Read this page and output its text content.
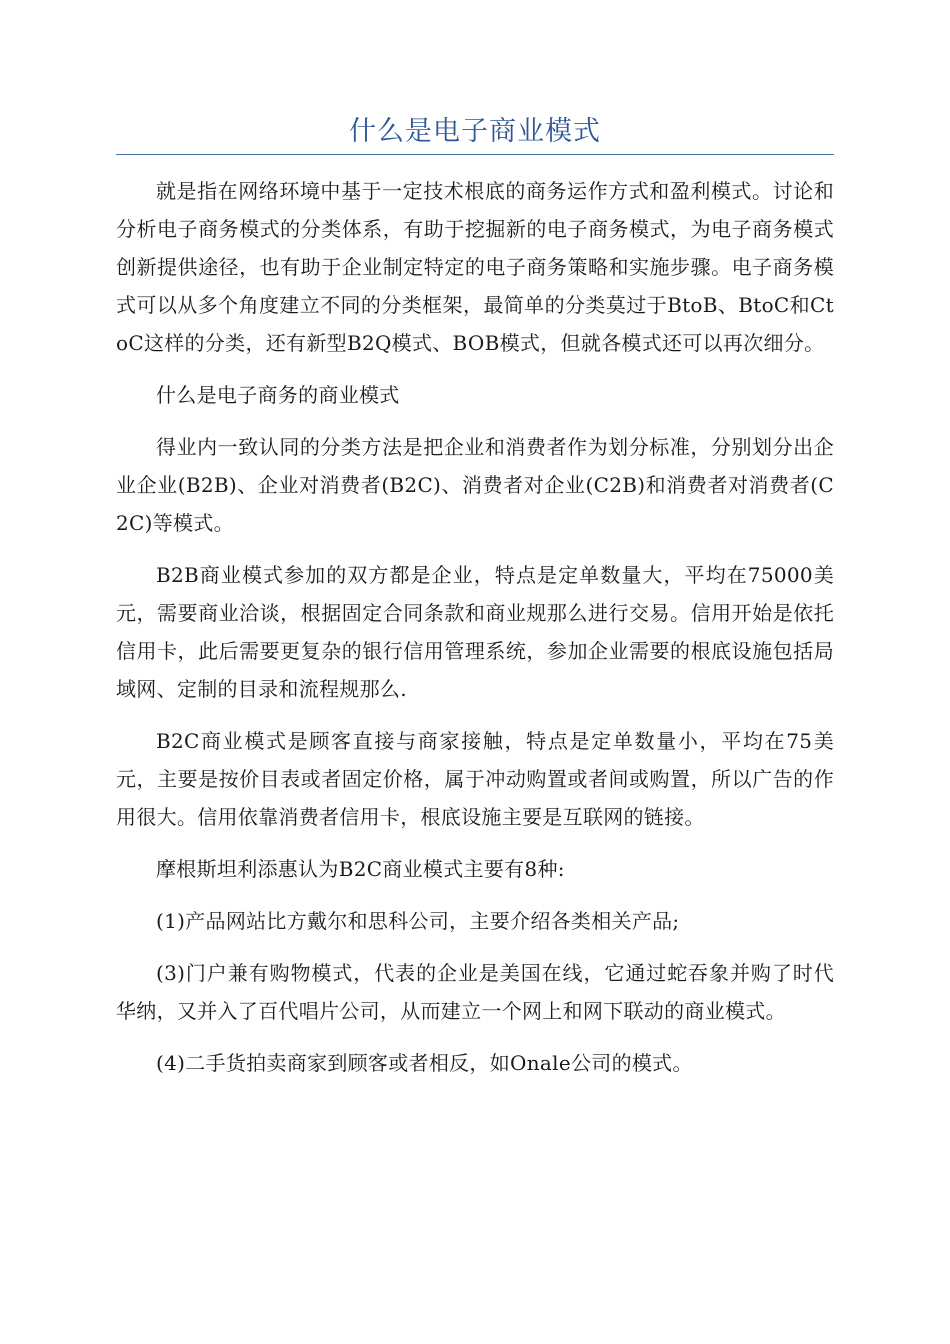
什么是电子商业模式

就是指在网络环境中基于一定技术根底的商务运作方式和盈利模式。讨论和分析电子商务模式的分类体系，有助于挖掘新的电子商务模式，为电子商务模式创新提供途径，也有助于企业制定特定的电子商务策略和实施步骤。电子商务模式可以从多个角度建立不同的分类框架，最简单的分类莫过于BtoB、BtoC和CtoC这样的分类，还有新型B2Q模式、BOB模式，但就各模式还可以再次细分。

什么是电子商务的商业模式

得业内一致认同的分类方法是把企业和消费者作为划分标准，分别划分出企业企业(B2B)、企业对消费者(B2C)、消费者对企业(C2B)和消费者对消费者(C2C)等模式。

B2B商业模式参加的双方都是企业，特点是定单数量大，平均在75000美元，需要商业洽谈，根据固定合同条款和商业规那么进行交易。信用开始是依托信用卡，此后需要更复杂的银行信用管理系统，参加企业需要的根底设施包括局域网、定制的目录和流程规那么.

B2C商业模式是顾客直接与商家接触，特点是定单数量小，平均在75美元，主要是按价目表或者固定价格，属于冲动购置或者间或购置，所以广告的作用很大。信用依靠消费者信用卡，根底设施主要是互联网的链接。

摩根斯坦利添惠认为B2C商业模式主要有8种:

(1)产品网站比方戴尔和思科公司，主要介绍各类相关产品;

(3)门户兼有购物模式，代表的企业是美国在线，它通过蛇吞象并购了时代华纳，又并入了百代唱片公司，从而建立一个网上和网下联动的商业模式。

(4)二手货拍卖商家到顾客或者相反，如Onale公司的模式。
